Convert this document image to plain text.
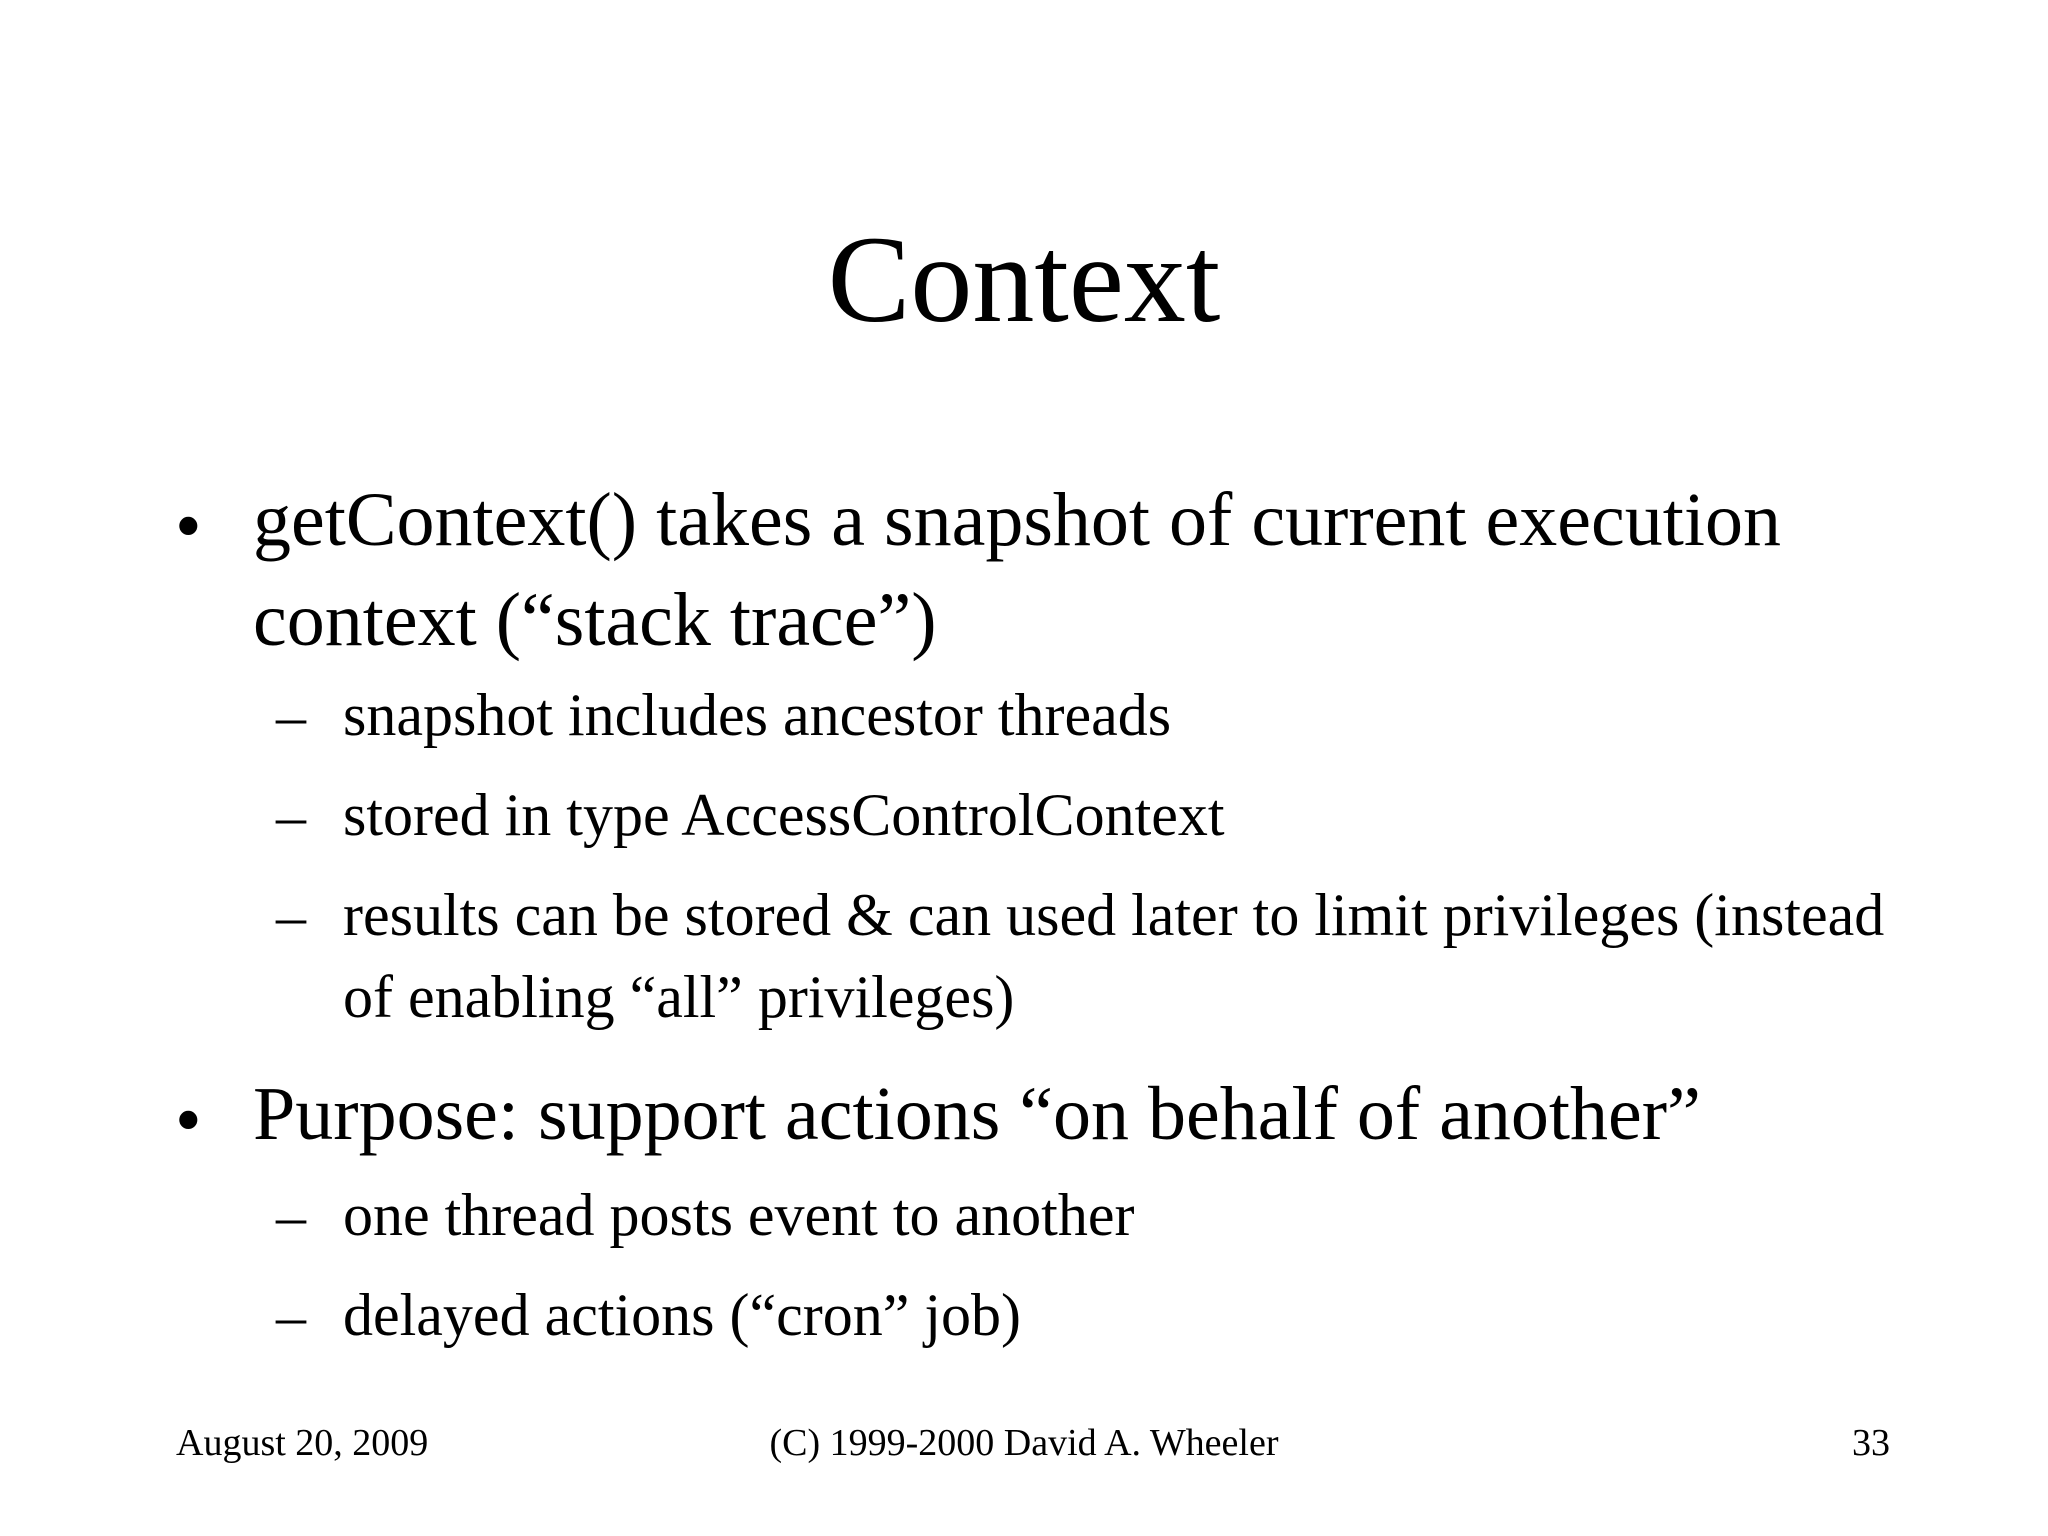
Context
• getContext() takes a snapshot of current execution context (“stack trace”)
– snapshot includes ancestor threads
– stored in type AccessControlContext
– results can be stored & can used later to limit privileges (instead of enabling “all” privileges)
• Purpose: support actions “on behalf of another”
– one thread posts event to another
– delayed actions (“cron” job)
August 20, 2009	(C) 1999-2000 David A. Wheeler	33
